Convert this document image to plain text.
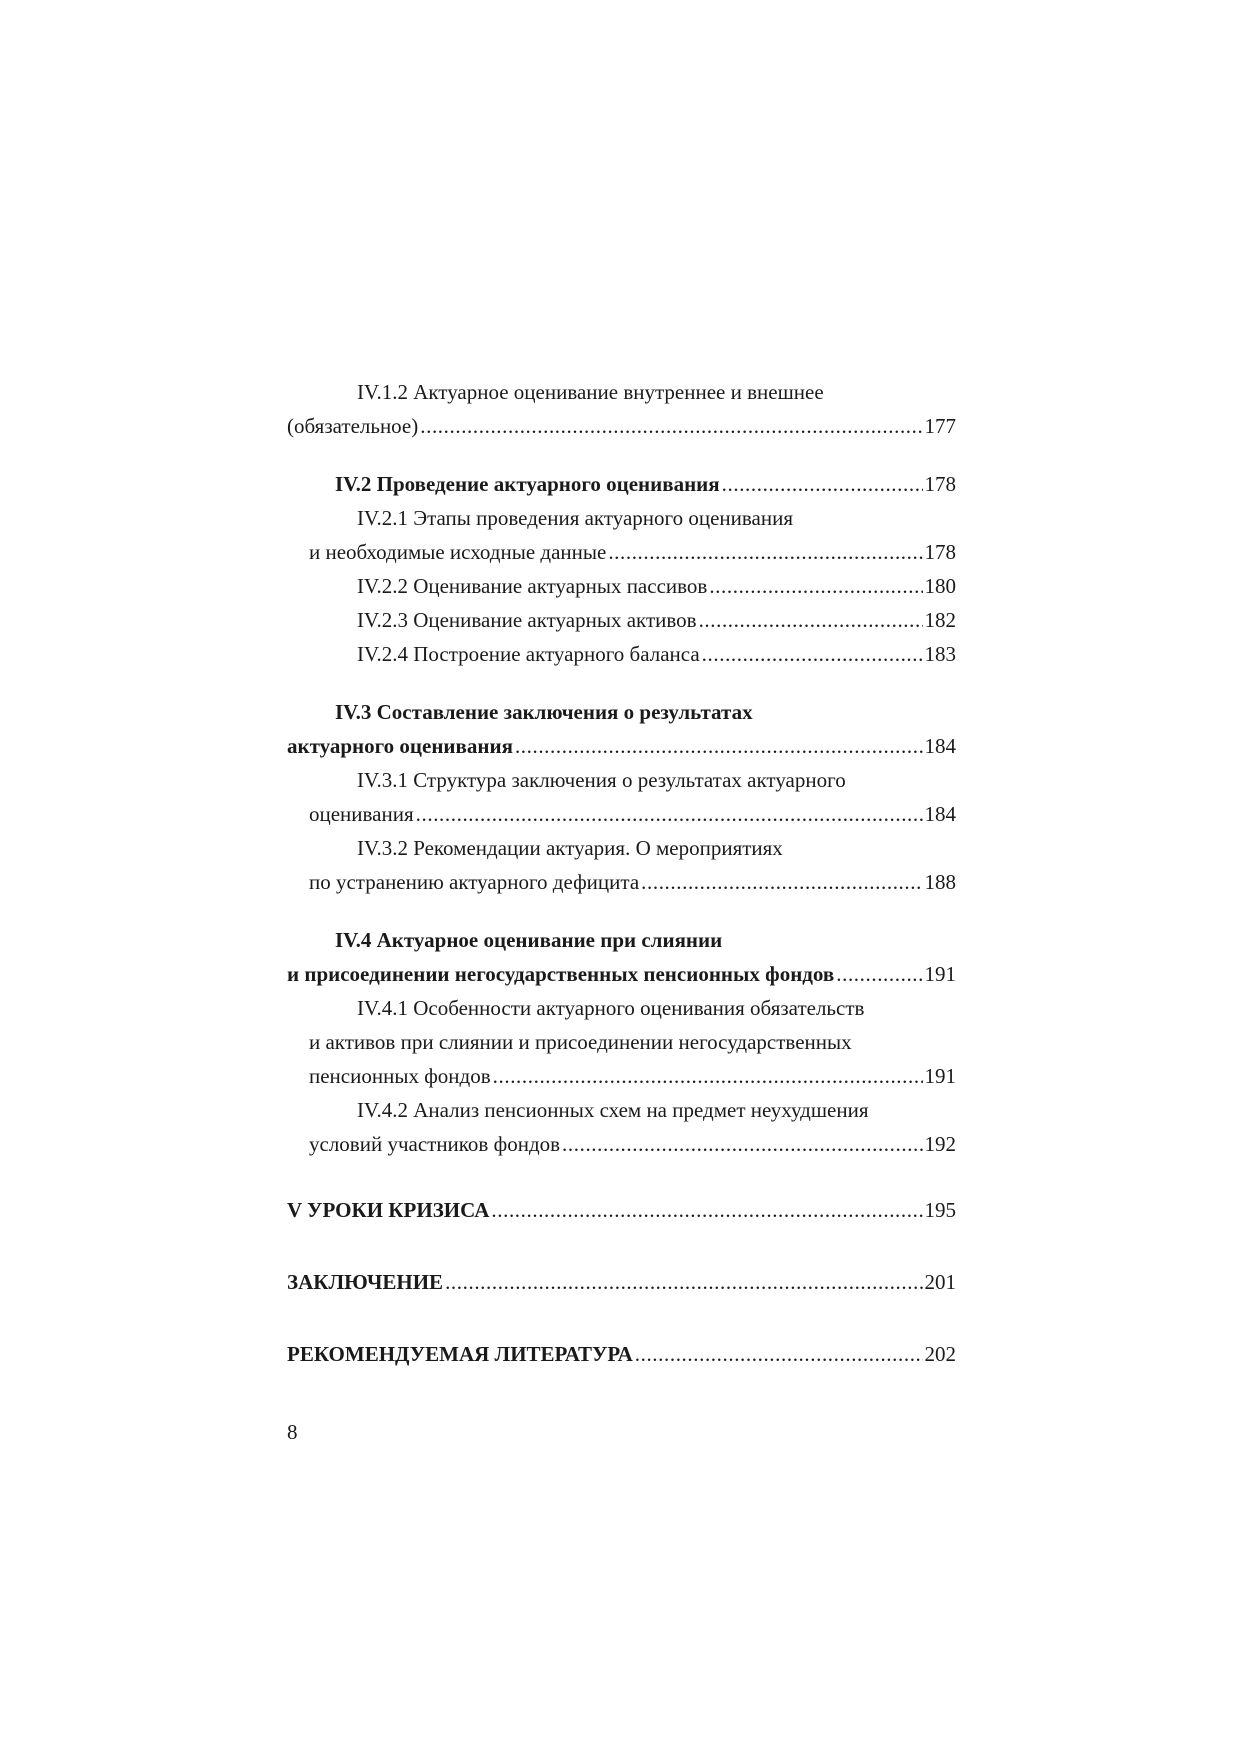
IV.1.2 Актуарное оценивание внутреннее и внешнее
(обязательное) .....	177
IV.2 Проведение актуарного оценивания .....	178
IV.2.1 Этапы проведения актуарного оценивания
и необходимые исходные данные .....	178
IV.2.2 Оценивание актуарных пассивов .....	180
IV.2.3 Оценивание актуарных активов .....	182
IV.2.4 Построение актуарного баланса .....	183
IV.3 Составление заключения о результатах
актуарного оценивания .....	184
IV.3.1 Структура заключения о результатах актуарного
оценивания .....	184
IV.3.2 Рекомендации актуария. О мероприятиях
по устранению актуарного дефицита .....	188
IV.4 Актуарное оценивание при слиянии
и присоединении негосударственных пенсионных фондов .....	191
IV.4.1 Особенности актуарного оценивания обязательств
и активов при слиянии и присоединении негосударственных
пенсионных фондов .....	191
IV.4.2 Анализ пенсионных схем на предмет неухудшения
условий участников фондов .....	192
V УРОКИ КРИЗИСА .....	195
ЗАКЛЮЧЕНИЕ .....	201
РЕКОМЕНДУЕМАЯ ЛИТЕРАТУРА .....	202
8
